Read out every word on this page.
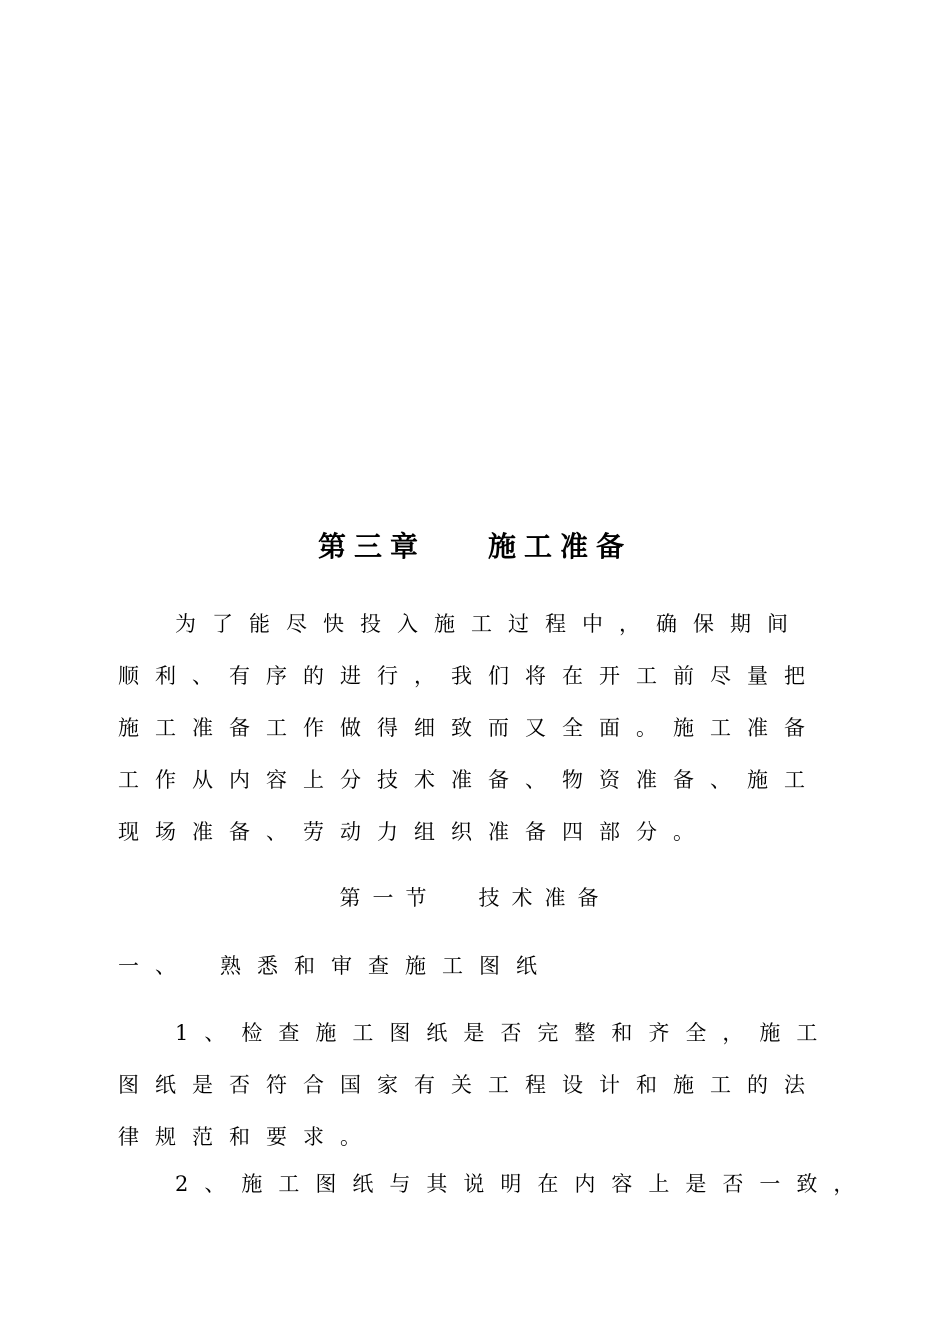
第三章 施工准备
为了能尽快投入施工过程中，确保期间
顺利、有序的进行，我们将在开工前尽量把
施工准备工作做得细致而又全面。施工准备
工作从内容上分技术准备、物资准备、施工
现场准备、劳动力组织准备四部分。
第一节 技术准备
一、 熟悉和审查施工图纸
1、检查施工图纸是否完整和齐全，施工
图纸是否符合国家有关工程设计和施工的法
律规范和要求。
2、施工图纸与其说明在内容上是否一致，
